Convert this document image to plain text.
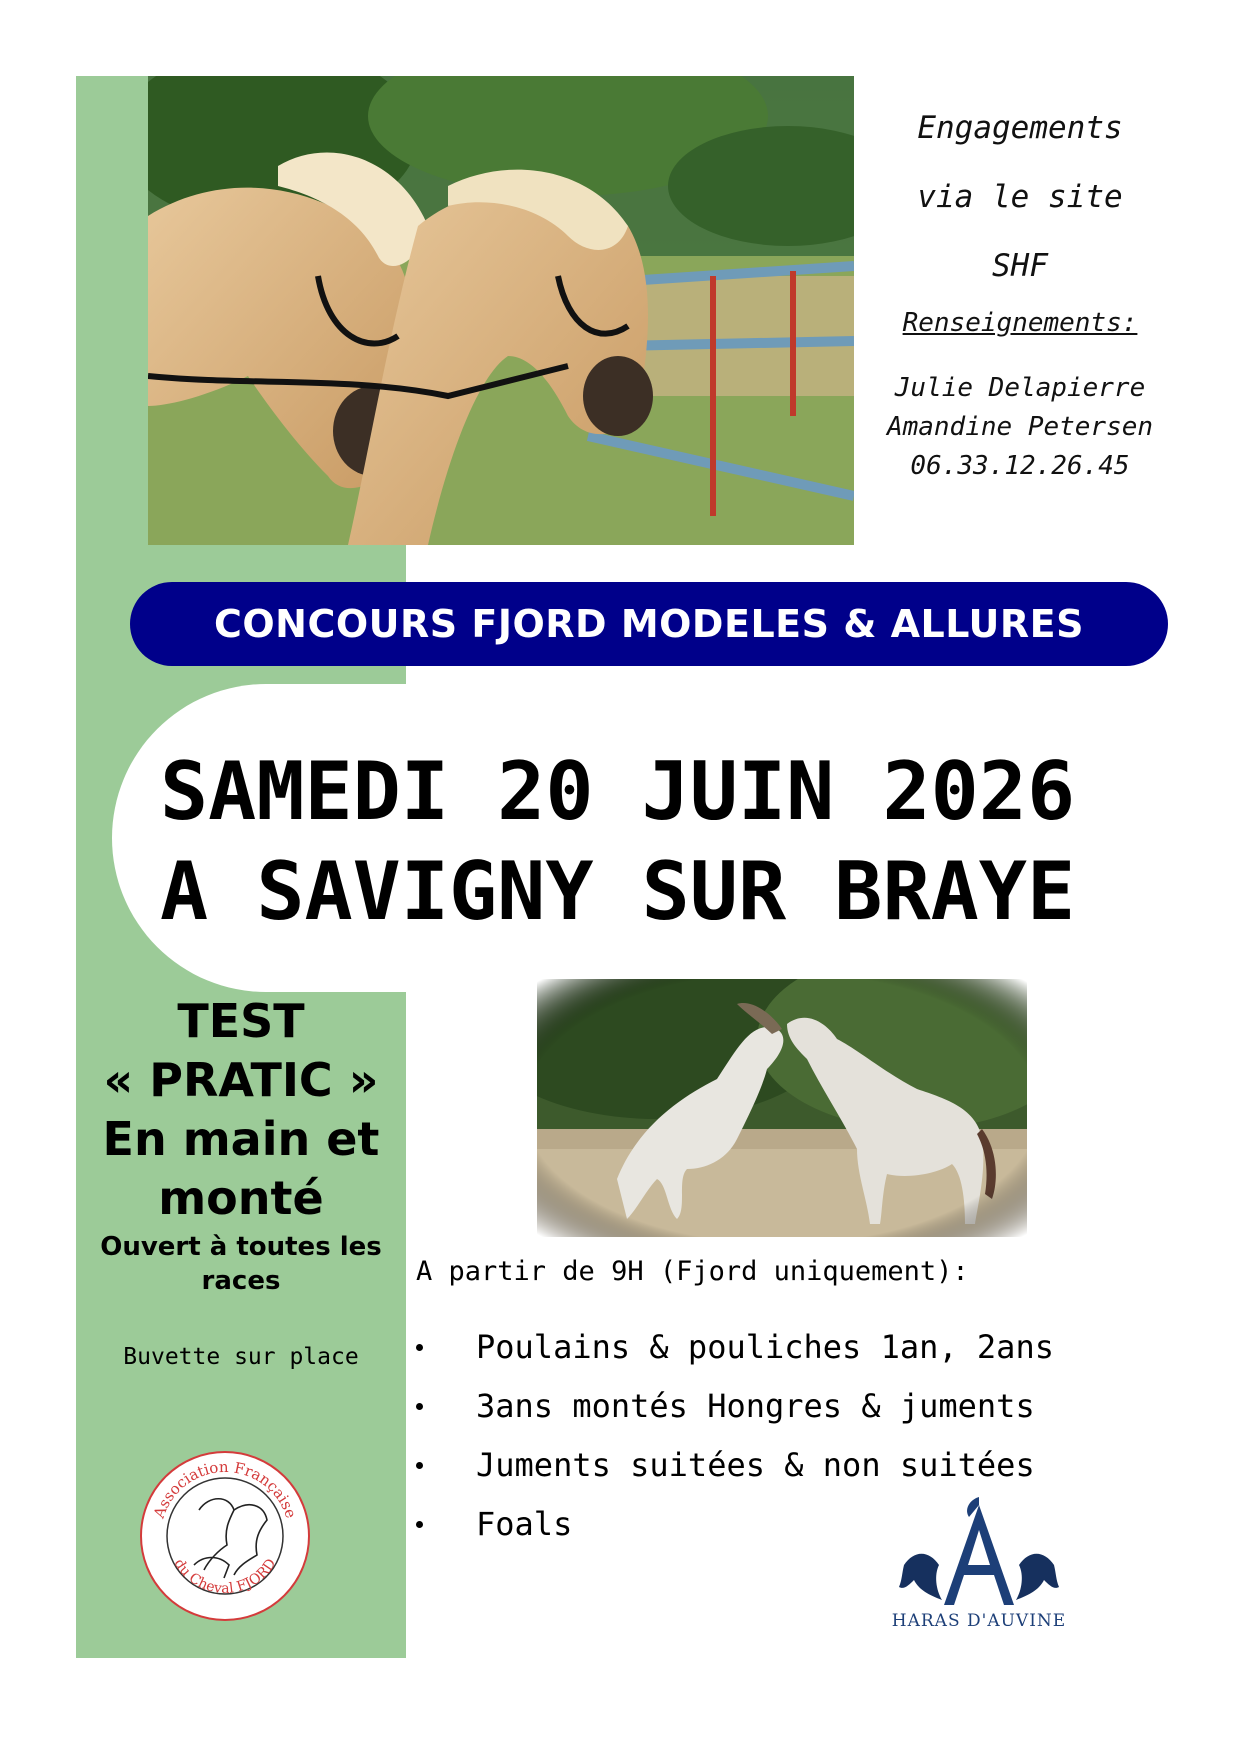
Engagements
via le site
SHF
Renseignements:
Julie Delapierre
Amandine Petersen
06.33.12.26.45
CONCOURS FJORD MODELES & ALLURES
SAMEDI 20 JUIN 2026
A SAVIGNY SUR BRAYE
TEST
« PRATIC »
En main et
monté
Ouvert à toutes les races
Buvette sur place
A partir de 9H (Fjord uniquement):
Poulains & pouliches 1an, 2ans
3ans montés Hongres & juments
Juments suitées & non suitées
Foals
Association Française
du Cheval FJORD
HARAS D'AUVINE
